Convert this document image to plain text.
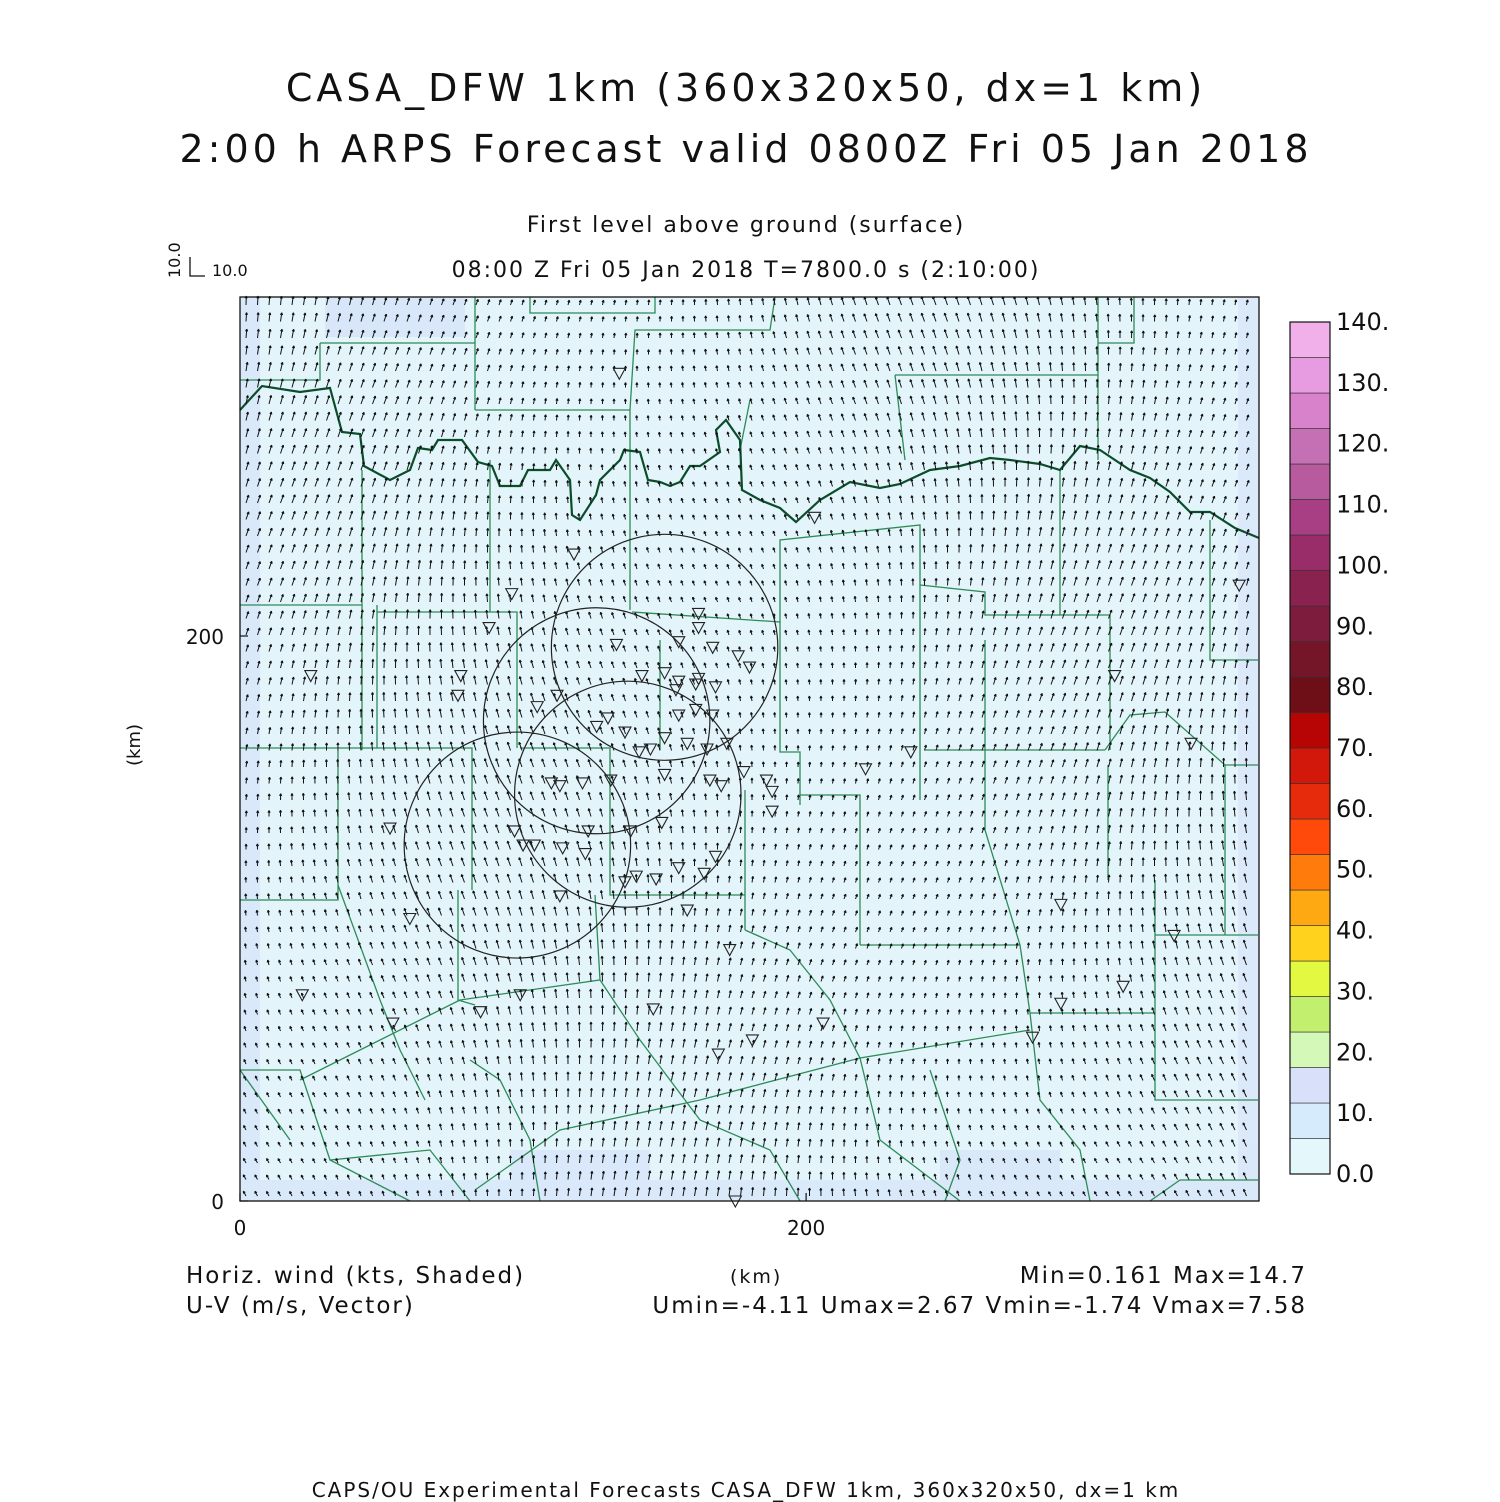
CASA_DFW 1km (360x320x50, dx=1 km)
2:00 h ARPS Forecast valid 0800Z Fri 05 Jan 2018
First level above ground (surface)
08:00 Z Fri 05 Jan 2018 T=7800.0 s (2:10:00)
0	200
0
200
(km)
10.0
10.0
0.0
10.
20.
30.
40.
50.
60.
70.
80.
90.
100.
110.
120.
130.
140.
Horiz. wind (kts, Shaded)
U-V (m/s, Vector)
(km)	Min=0.161 Max=14.7
Umin=-4.11 Umax=2.67 Vmin=-1.74 Vmax=7.58
CAPS/OU Experimental Forecasts CASA_DFW 1km, 360x320x50, dx=1 km
